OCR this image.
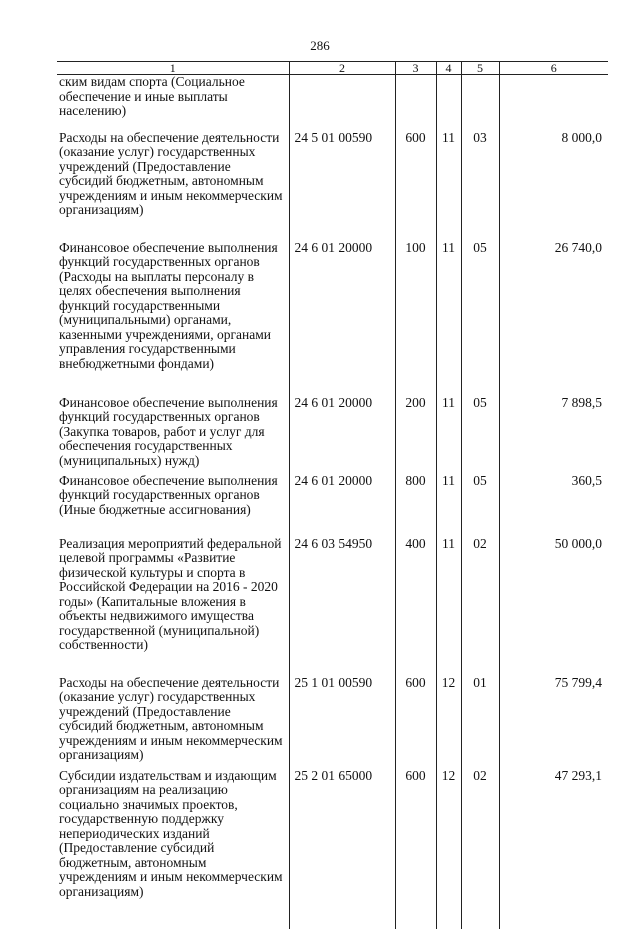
286
1	2	3	4	5	6
ским видам спорта (Социальное обеспечение и иные выплаты населению)					
Расходы на обеспечение деятельности (оказание услуг) государственных учреждений (Предоставление субсидий бюджетным, автономным учреждениям и иным некоммерческим организациям)	24 5 01 00590	600	11	03	8 000,0
Финансовое обеспечение выполнения функций государственных органов (Расходы на выплаты персоналу в целях обеспечения выполнения функций государственными (муниципальными) органами, казенными учреждениями, органами управления государственными внебюджетными фондами)	24 6 01 20000	100	11	05	26 740,0
Финансовое обеспечение выполнения функций государственных органов (Закупка товаров, работ и услуг для обеспечения государственных (муниципальных) нужд)	24 6 01 20000	200	11	05	7 898,5
Финансовое обеспечение выполнения функций государственных органов (Иные бюджетные ассигнования)	24 6 01 20000	800	11	05	360,5
Реализация мероприятий федеральной целевой программы «Развитие физической культуры и спорта в Российской Федерации на 2016 - 2020 годы» (Капитальные вложения в объекты недвижимого имущества государственной (муниципальной) собственности)	24 6 03 54950	400	11	02	50 000,0
Расходы на обеспечение деятельности (оказание услуг) государственных учреждений (Предоставление субсидий бюджетным, автономным учреждениям и иным некоммерческим организациям)	25 1 01 00590	600	12	01	75 799,4
Субсидии издательствам и издающим организациям на реализацию социально значимых проектов, государственную поддержку непериодических изданий (Предоставление субсидий бюджетным, автономным учреждениям и иным некоммерческим организациям)	25 2 01 65000	600	12	02	47 293,1
